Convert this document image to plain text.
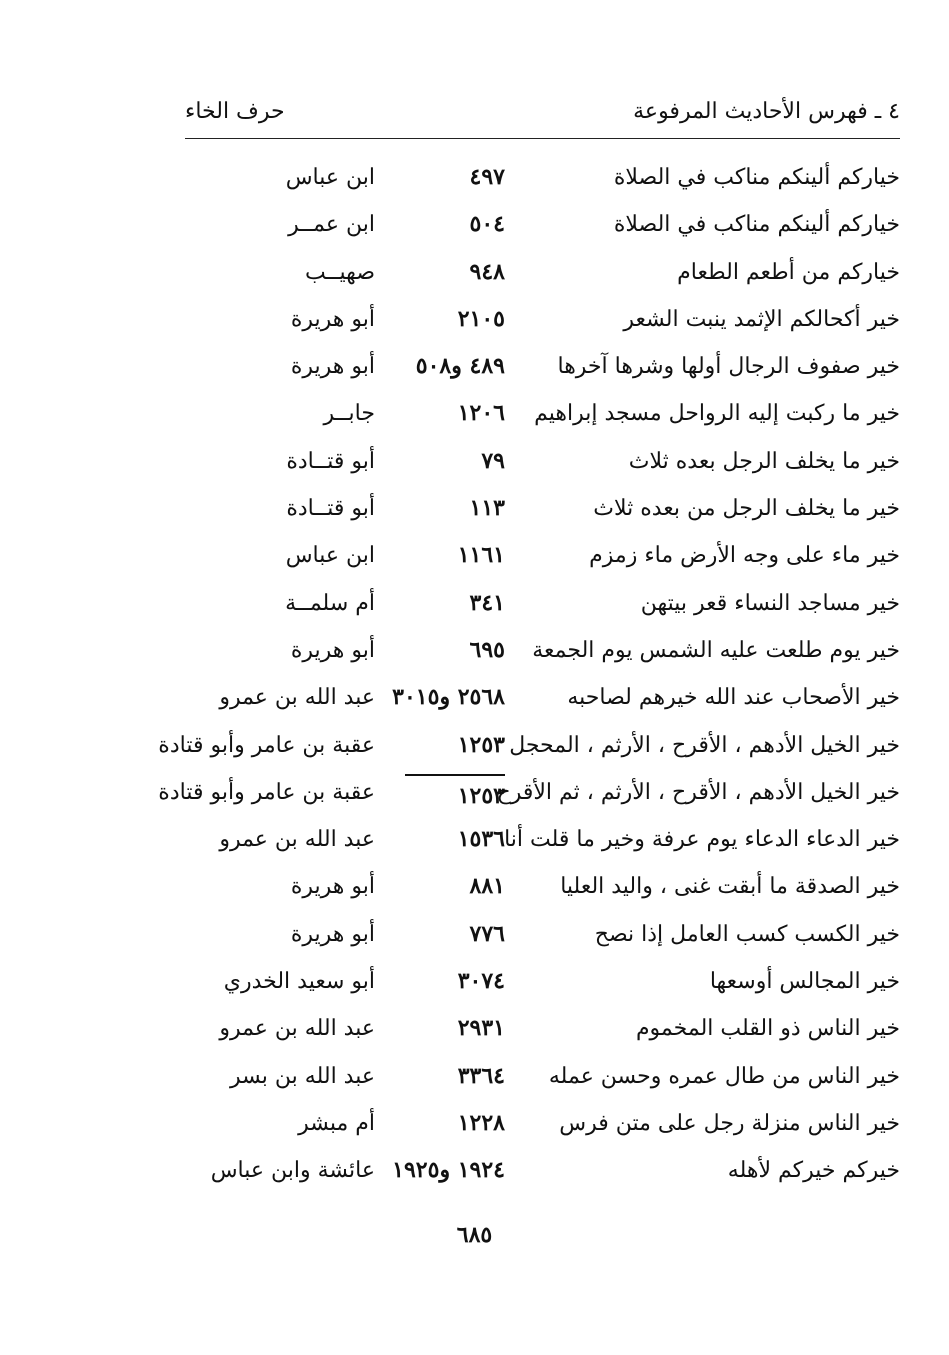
٤ ـ فهرس الأحاديث المرفوعة
حرف الخاء
خياركم ألينكم مناكب في الصلاة
٤٩٧
ابن عباس
خياركم ألينكم مناكب في الصلاة
٥٠٤
ابن عمــر
خياركم من أطعم الطعام
٩٤٨
صهيــب
خير أكحالكم الإثمد ينبت الشعر
٢١٠٥
أبو هريرة
خير صفوف الرجال أولها وشرها آخرها
٤٨٩ و٥٠٨
أبو هريرة
خير ما ركبت إليه الرواحل مسجد إبراهيم
١٢٠٦
جابــر
خير ما يخلف الرجل بعده ثلاث
٧٩
أبو قتــادة
خير ما يخلف الرجل من بعده ثلاث
١١٣
أبو قتــادة
خير ماء على وجه الأرض ماء زمزم
١١٦١
ابن عباس
خير مساجد النساء قعر بيتهن
٣٤١
أم سلمــة
خير يوم طلعت عليه الشمس يوم الجمعة
٦٩٥
أبو هريرة
خير الأصحاب عند الله خيرهم لصاحبه
٢٥٦٨ و٣٠١٥
عبد الله بن عمرو
خير الخيل الأدهم ، الأقرح ، الأرثم ، المحجل
١٢٥٣
عقبة بن عامر وأبو قتادة
خير الخيل الأدهم ، الأقرح ، الأرثم ، ثم الأقرح
١٢٥٣
عقبة بن عامر وأبو قتادة
خير الدعاء الدعاء يوم عرفة وخير ما قلت أنا
١٥٣٦
عبد الله بن عمرو
خير الصدقة ما أبقت غنى ، واليد العليا
٨٨١
أبو هريرة
خير الكسب كسب العامل إذا نصح
٧٧٦
أبو هريرة
خير المجالس أوسعها
٣٠٧٤
أبو سعيد الخدري
خير الناس ذو القلب المخموم
٢٩٣١
عبد الله بن عمرو
خير الناس من طال عمره وحسن عمله
٣٣٦٤
عبد الله بن بسر
خير الناس منزلة رجل على متن فرس
١٢٢٨
أم مبشر
خيركم خيركم لأهله
١٩٢٤ و١٩٢٥
عائشة وابن عباس
٦٨٥
